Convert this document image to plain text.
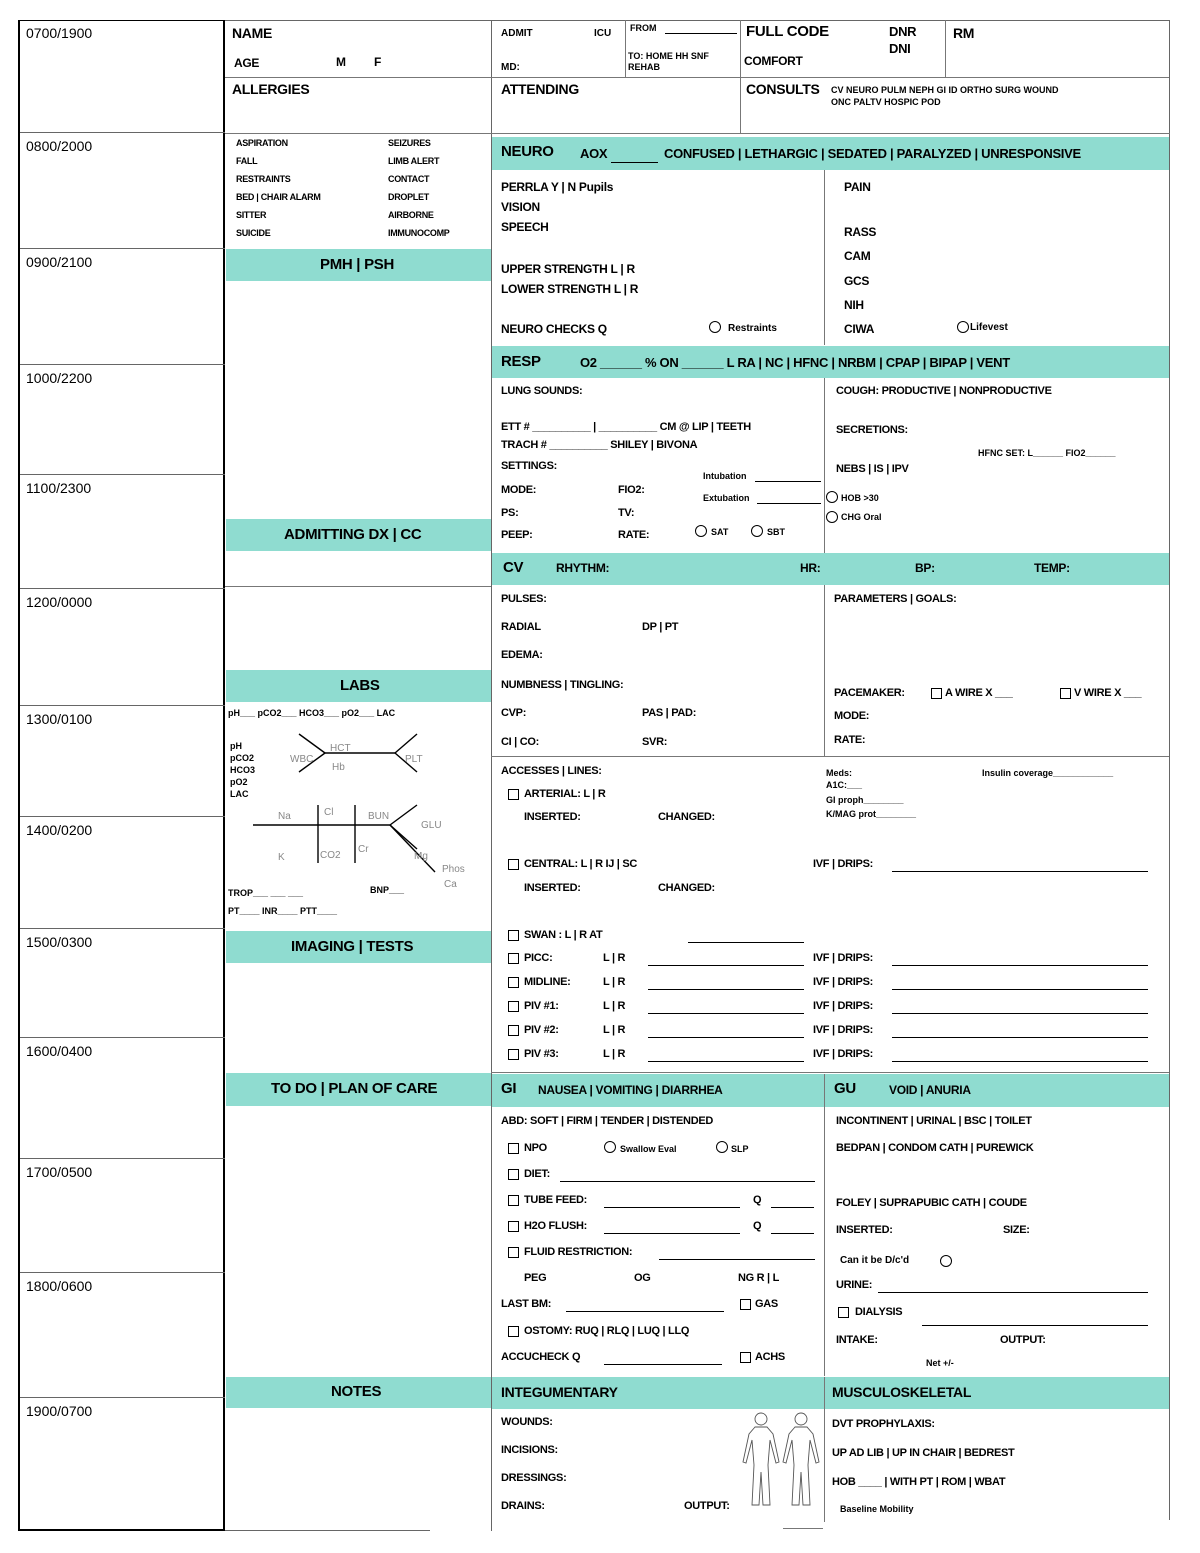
0700/1900
0800/2000
0900/2100
1000/2200
1100/2300
1200/0000
1300/0100
1400/0200
1500/0300
1600/0400
1700/0500
1800/0600
1900/0700
NAME
AGE	M F
ALLERGIES
ADMIT	ICU FROM
TO: HOME HH SNF
REHAB
MD:
FULL CODE
COMFORT
DNR
DNI
RM
ATTENDING	CONSULTS CV NEURO PULM NEPH GI ID ORTHO SURG WOUND
ONC PALTV HOSPIC POD
ASPIRATION
FALL
RESTRAINTS
BED | CHAIR ALARM
SITTER
SUICIDE
SEIZURES
LIMB ALERT
CONTACT
DROPLET
AIRBORNE
IMMUNOCOMP
PMH | PSH
ADMITTING DX | CC
LABS
pH___ pCO2___ HCO3___ pO2___ LAC
pH
pCO2
HCO3
pO2
LAC
WBC
HCT
Hb
PLT
Na	Cl	BUN
GLU
K	CO2
Cr
Mg
Phos
Ca
TROP___ ___ ___	BNP___
PT____ INR____ PTT____
IMAGING | TESTS
TO DO | PLAN OF CARE
NOTES
NEURO AOX	CONFUSED | LETHARGIC | SEDATED | PARALYZED | UNRESPONSIVE
PERRLA Y | N Pupils
VISION
SPEECH
UPPER STRENGTH L | R
LOWER STRENGTH L | R
NEURO CHECKS Q	Restraints
PAIN
RASS
CAM
GCS
NIH
CIWA	Lifevest
RESP	O2 ______ % ON ______ L RA | NC | HFNC | NRBM | CPAP | BIPAP | VENT
LUNG SOUNDS:
ETT # __________ | __________ CM @ LIP | TEETH
TRACH # __________ SHILEY | BIVONA
SETTINGS:
MODE:	FIO2:
PS:	TV:
PEEP:	RATE:
Intubation
Extubation
SAT	SBT
COUGH: PRODUCTIVE | NONPRODUCTIVE
SECRETIONS:
HFNC SET: L______ FIO2______
NEBS | IS | IPV
HOB >30
CHG Oral
CV	RHYTHM:	HR:	BP:	TEMP:
PULSES:
RADIAL	DP | PT
EDEMA:
NUMBNESS | TINGLING:
CVP:	PAS | PAD:
CI | CO:	SVR:
PARAMETERS | GOALS:
PACEMAKER:	A WIRE X ___	V WIRE X ___
MODE:
RATE:
ACCESSES | LINES:
ARTERIAL: L | R
INSERTED:	CHANGED:
CENTRAL: L | R IJ | SC
INSERTED:	CHANGED:
IVF | DRIPS:
Meds:
A1C:___
GI proph________
K/MAG prot________
Insulin coverage____________
SWAN : L | R AT
PICC:	L | R	IVF | DRIPS:
MIDLINE:	L | R	IVF | DRIPS:
PIV #1:	L | R	IVF | DRIPS:
PIV #2:	L | R	IVF | DRIPS:
PIV #3:	L | R	IVF | DRIPS:
GI NAUSEA | VOMITING | DIARRHEA	GU	VOID | ANURIA
ABD: SOFT | FIRM | TENDER | DISTENDED
NPO	Swallow Eval	SLP
DIET:
TUBE FEED:	Q
H2O FLUSH:	Q
FLUID RESTRICTION:
PEG	OG	NG R | L
LAST BM:	GAS
OSTOMY: RUQ | RLQ | LUQ | LLQ
ACCUCHECK Q	ACHS
INCONTINENT | URINAL | BSC | TOILET
BEDPAN | CONDOM CATH | PUREWICK
FOLEY | SUPRAPUBIC CATH | COUDE
INSERTED:	SIZE:
Can it be D/c'd
URINE:
DIALYSIS
INTAKE:	OUTPUT:
Net +/-
INTEGUMENTARY	MUSCULOSKELETAL
WOUNDS:
INCISIONS:
DRESSINGS:
DRAINS:	OUTPUT:
DVT PROPHYLAXIS:
UP AD LIB | UP IN CHAIR | BEDREST
HOB ____ | WITH PT | ROM | WBAT
Baseline Mobility
